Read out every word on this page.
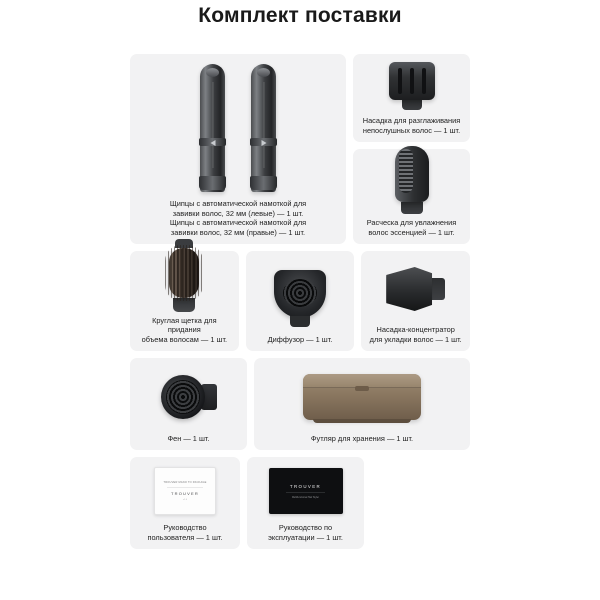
Комплект поставки
Щипцы с автоматической намоткой для
завивки волос, 32 мм (левые) — 1 шт.
Щипцы с автоматической намоткой для
завивки волос, 32 мм (правые) — 1 шт.
Насадка для разглаживания
непослушных волос — 1 шт.
Расческа для увлажнения
волос эссенцией — 1 шт.
Круглая щетка для придания
объема волосам — 1 шт.	Диффузор — 1 шт.
Насадка-концентратор
для укладки волос — 1 шт.
Фен — 1 шт.	Футляр для хранения — 1 шт.
TROUVER MANO TO PACKAGE
TROUVER
v1.0
Руководство
пользователя — 1 шт.
TROUVER
Multifunctional Hair Styler
Руководство по
эксплуатации — 1 шт.
